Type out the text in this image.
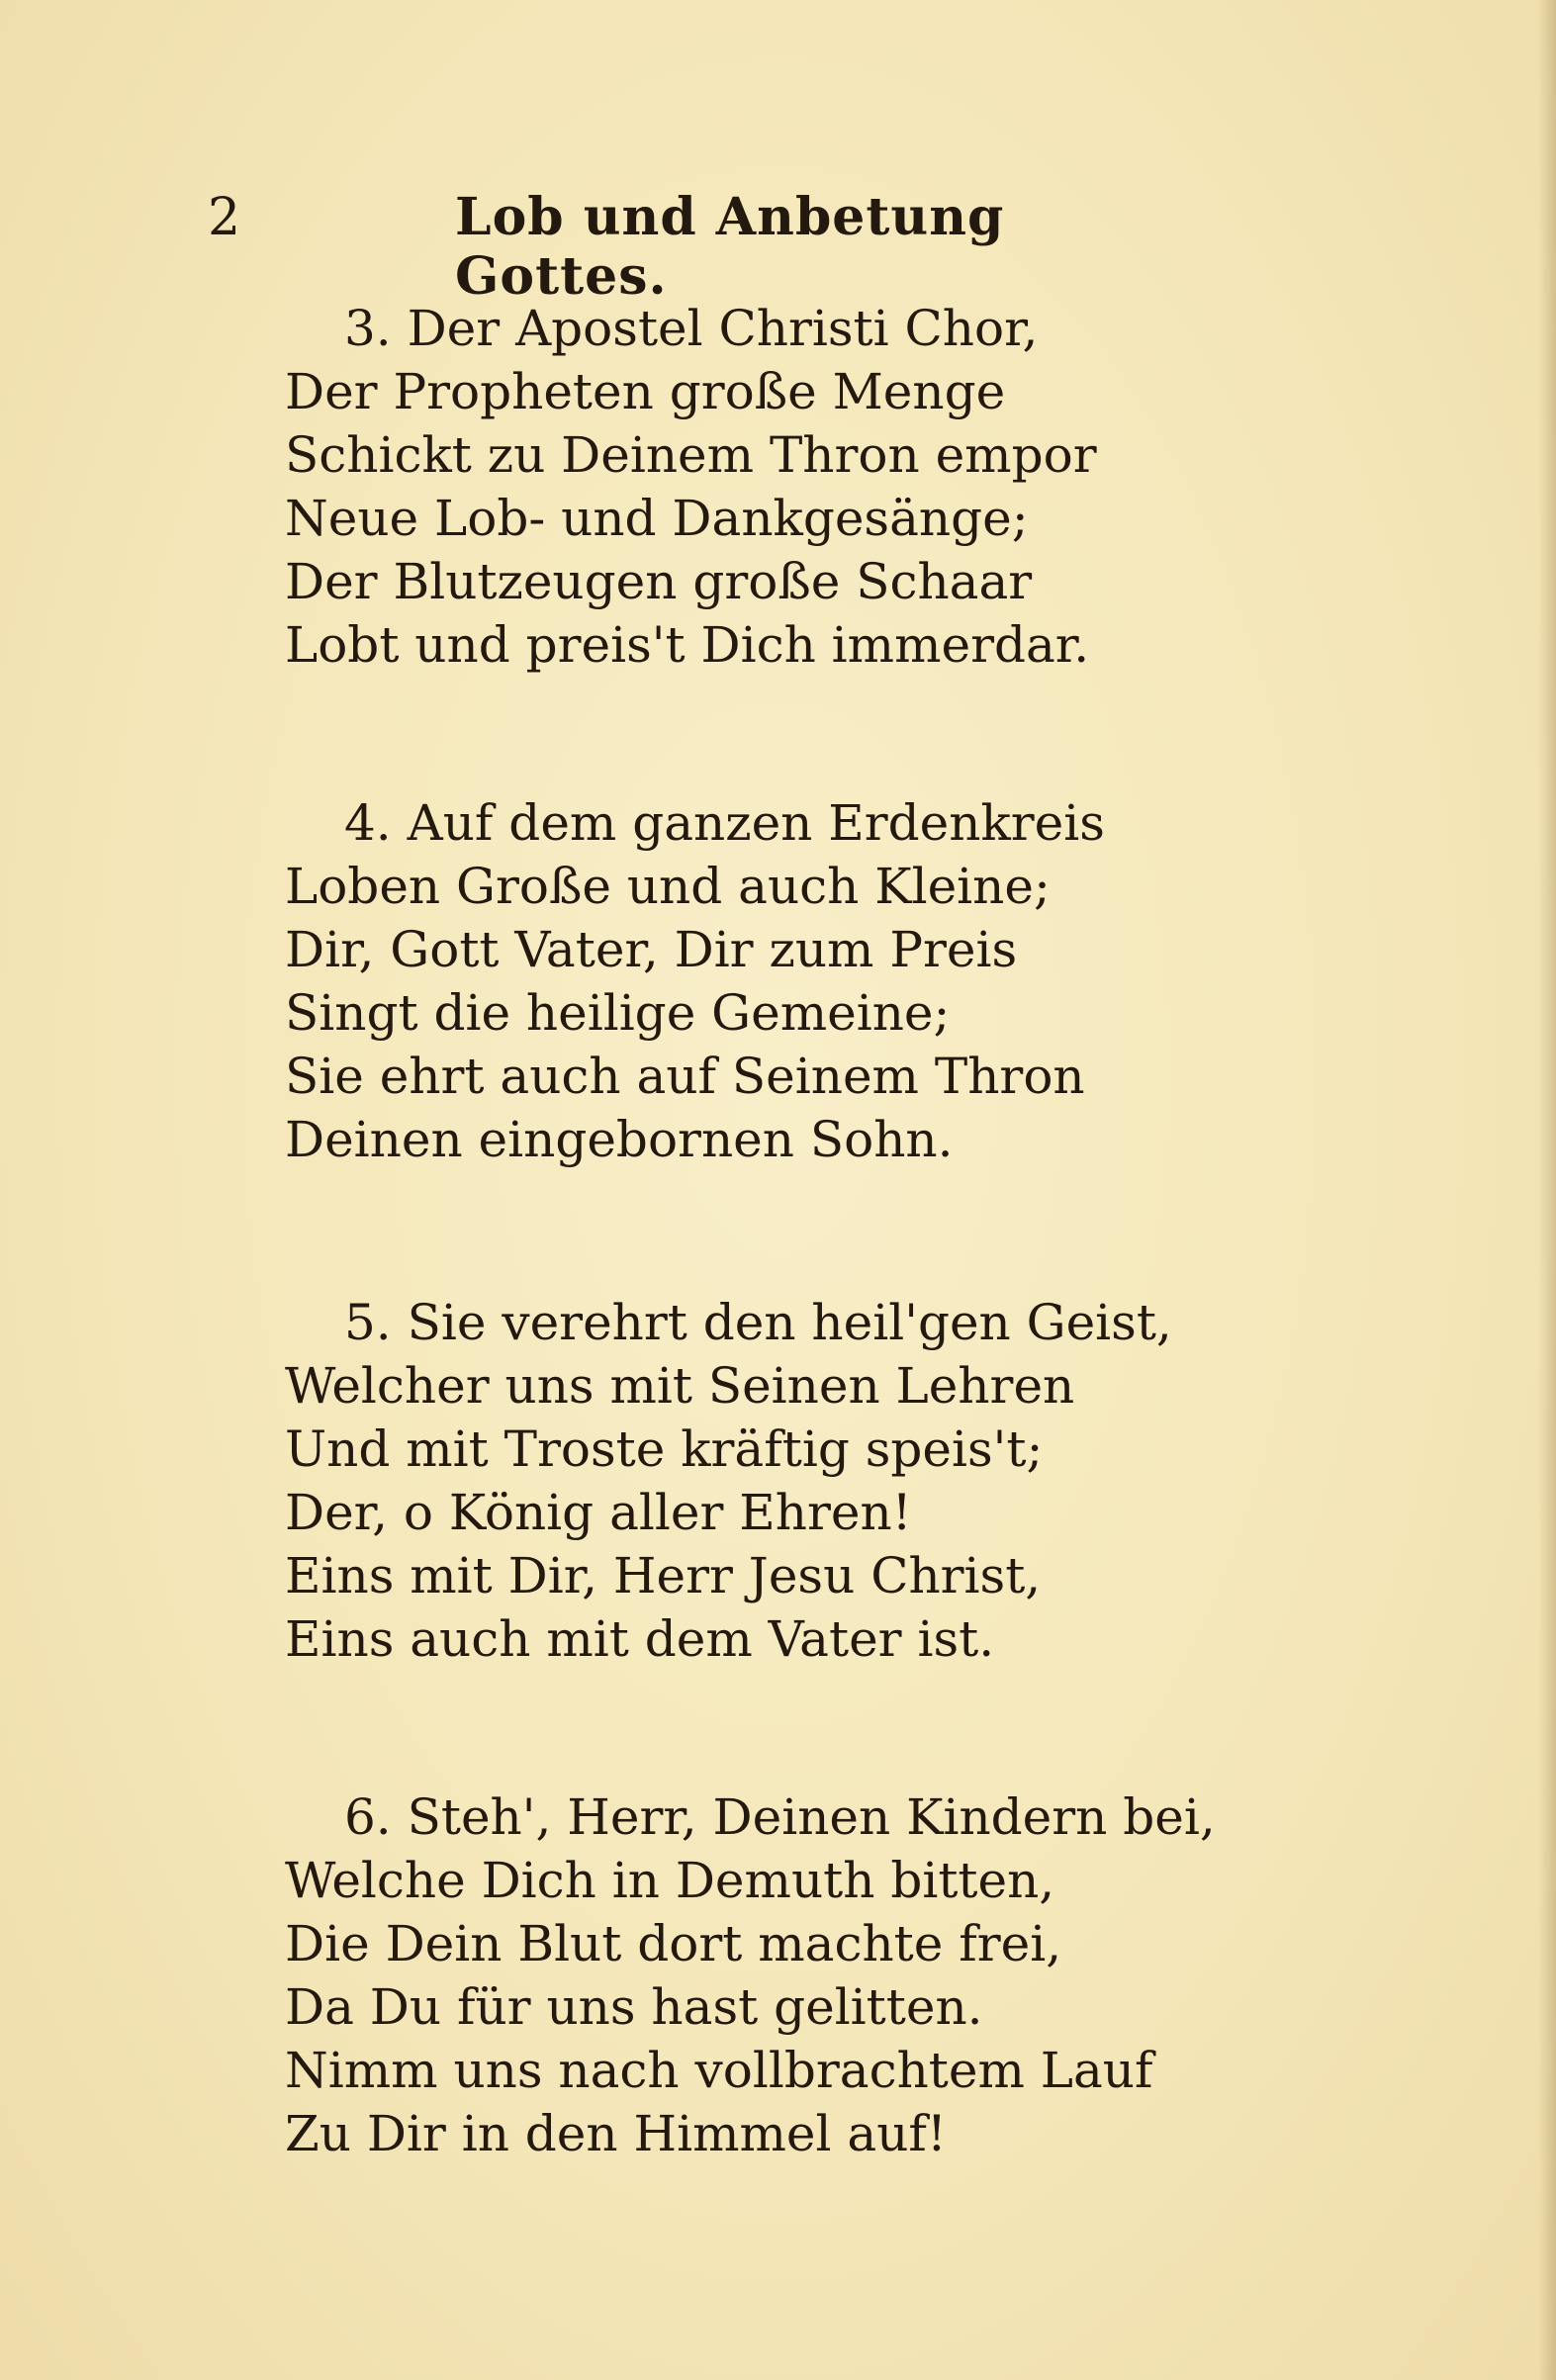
2	Lob und Anbetung Gottes.
3. Der Apostel Christi Chor,
Der Propheten große Menge
Schickt zu Deinem Thron empor
Neue Lob- und Dankgesänge;
Der Blutzeugen große Schaar
Lobt und preis't Dich immerdar.
4. Auf dem ganzen Erdenkreis
Loben Große und auch Kleine;
Dir, Gott Vater, Dir zum Preis
Singt die heilige Gemeine;
Sie ehrt auch auf Seinem Thron
Deinen eingebornen Sohn.
5. Sie verehrt den heil'gen Geist,
Welcher uns mit Seinen Lehren
Und mit Troste kräftig speis't;
Der, o König aller Ehren!
Eins mit Dir, Herr Jesu Christ,
Eins auch mit dem Vater ist.
6. Steh', Herr, Deinen Kindern bei,
Welche Dich in Demuth bitten,
Die Dein Blut dort machte frei,
Da Du für uns hast gelitten.
Nimm uns nach vollbrachtem Lauf
Zu Dir in den Himmel auf!
